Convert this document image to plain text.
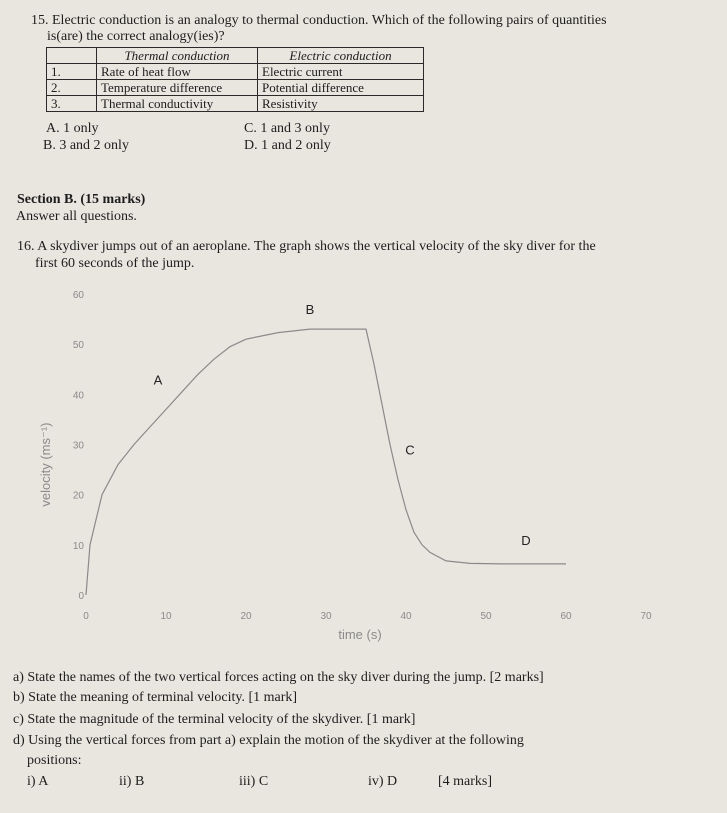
15. Electric conduction is an analogy to thermal conduction. Which of the following pairs of quantities
is(are) the correct analogy(ies)?
	Thermal conduction	Electric conduction
1.	Rate of heat flow	Electric current
2.	Temperature difference	Potential difference
3.	Thermal conductivity	Resistivity
A. 1 only	C. 1 and 3 only
B. 3 and 2 only	D. 1 and 2 only
Section B. (15 marks)
Answer all questions.
16. A skydiver jumps out of an aeroplane. The graph shows the vertical velocity of the sky diver for the
first 60 seconds of the jump.
0
10
20
30
40
50
60
0	10	20	30	40	50	60	70
A
B
C
D
time (s)
velocity (ms⁻¹)
a) State the names of the two vertical forces acting on the sky diver during the jump. [2 marks]
b) State the meaning of terminal velocity. [1 mark]
c) State the magnitude of the terminal velocity of the skydiver. [1 mark]
d) Using the vertical forces from part a) explain the motion of the skydiver at the following
positions:
i) A	ii) B	iii) C	iv) D	[4 marks]
